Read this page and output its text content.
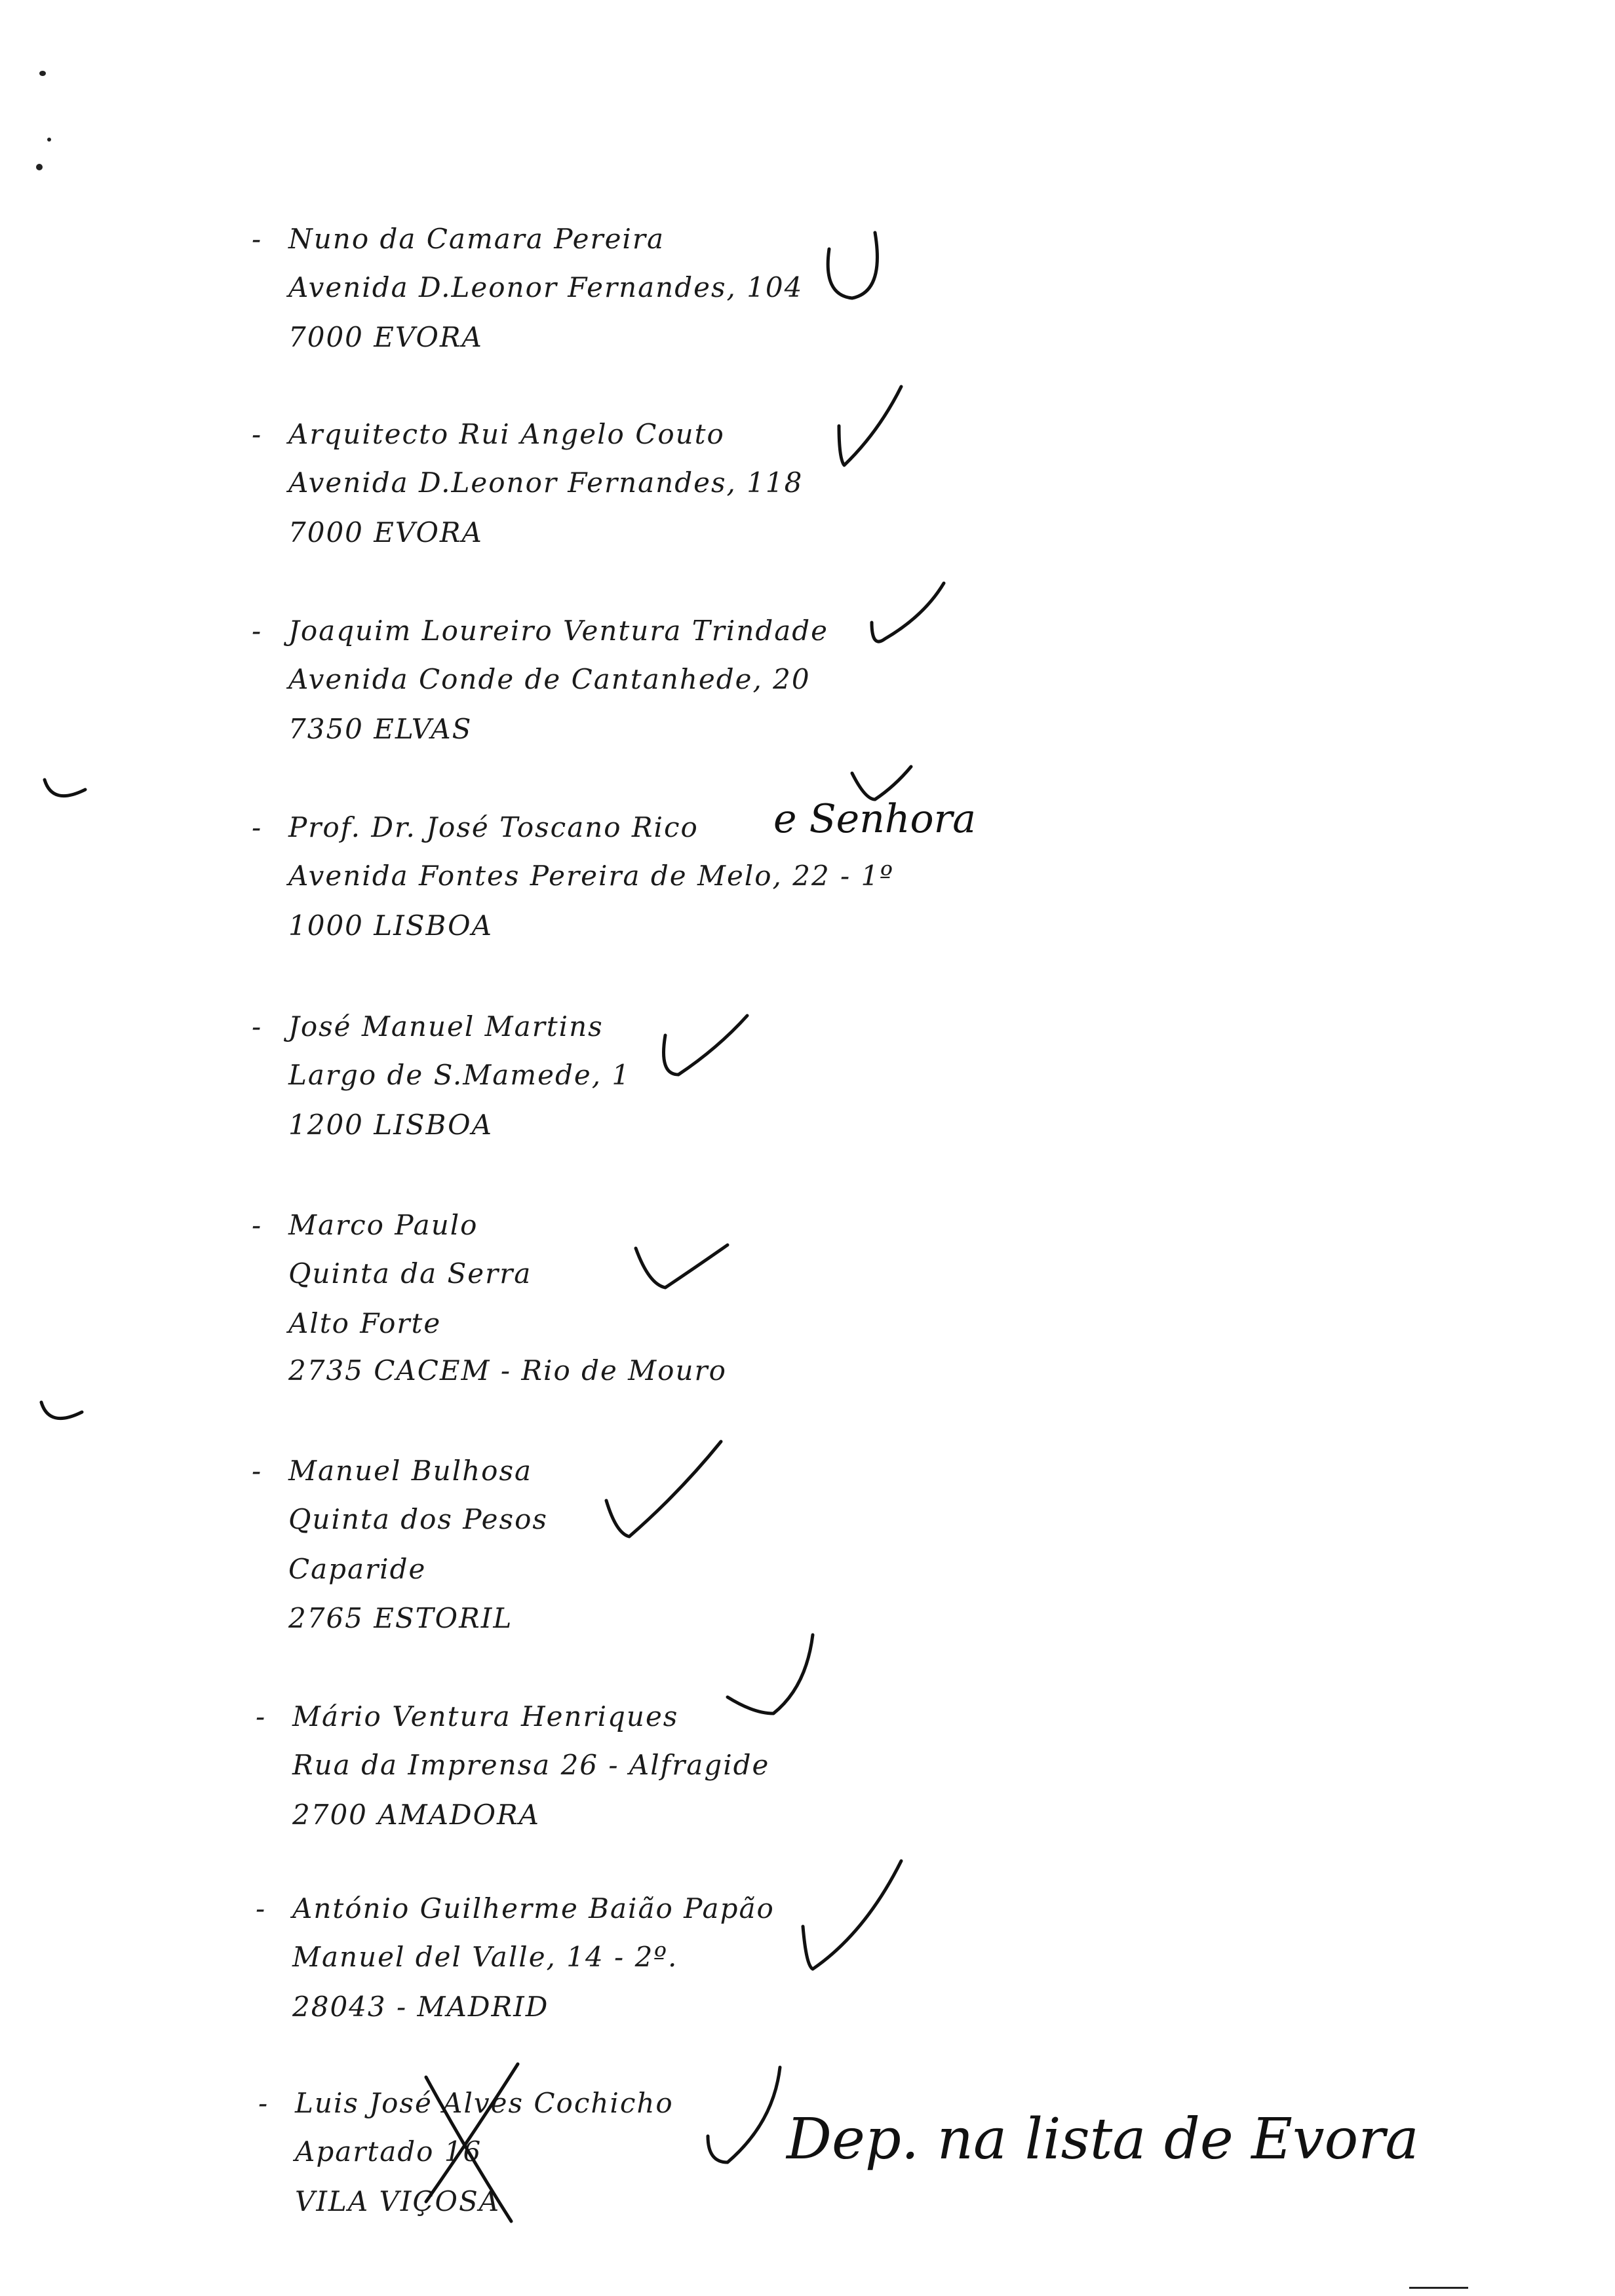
- Nuno da Camara Pereira
Avenida D.Leonor Fernandes, 104
7000 EVORA
- Arquitecto Rui Angelo Couto
Avenida D.Leonor Fernandes, 118
7000 EVORA
- Joaquim Loureiro Ventura Trindade
Avenida Conde de Cantanhede, 20
7350 ELVAS
- Prof. Dr. José Toscano Rico
Avenida Fontes Pereira de Melo, 22 - 1º
1000 LISBOA
e Senhora
- José Manuel Martins
Largo de S.Mamede, 1
1200 LISBOA
- Marco Paulo
Quinta da Serra
Alto Forte
2735 CACEM - Rio de Mouro
- Manuel Bulhosa
Quinta dos Pesos
Caparide
2765 ESTORIL
- Mário Ventura Henriques
Rua da Imprensa 26 - Alfragide
2700 AMADORA
- António Guilherme Baião Papão
Manuel del Valle, 14 - 2º.
28043 - MADRID
- Luis José Alves Cochicho
Apartado 16
VILA VIÇOSA
Dep. na lista de Evora
